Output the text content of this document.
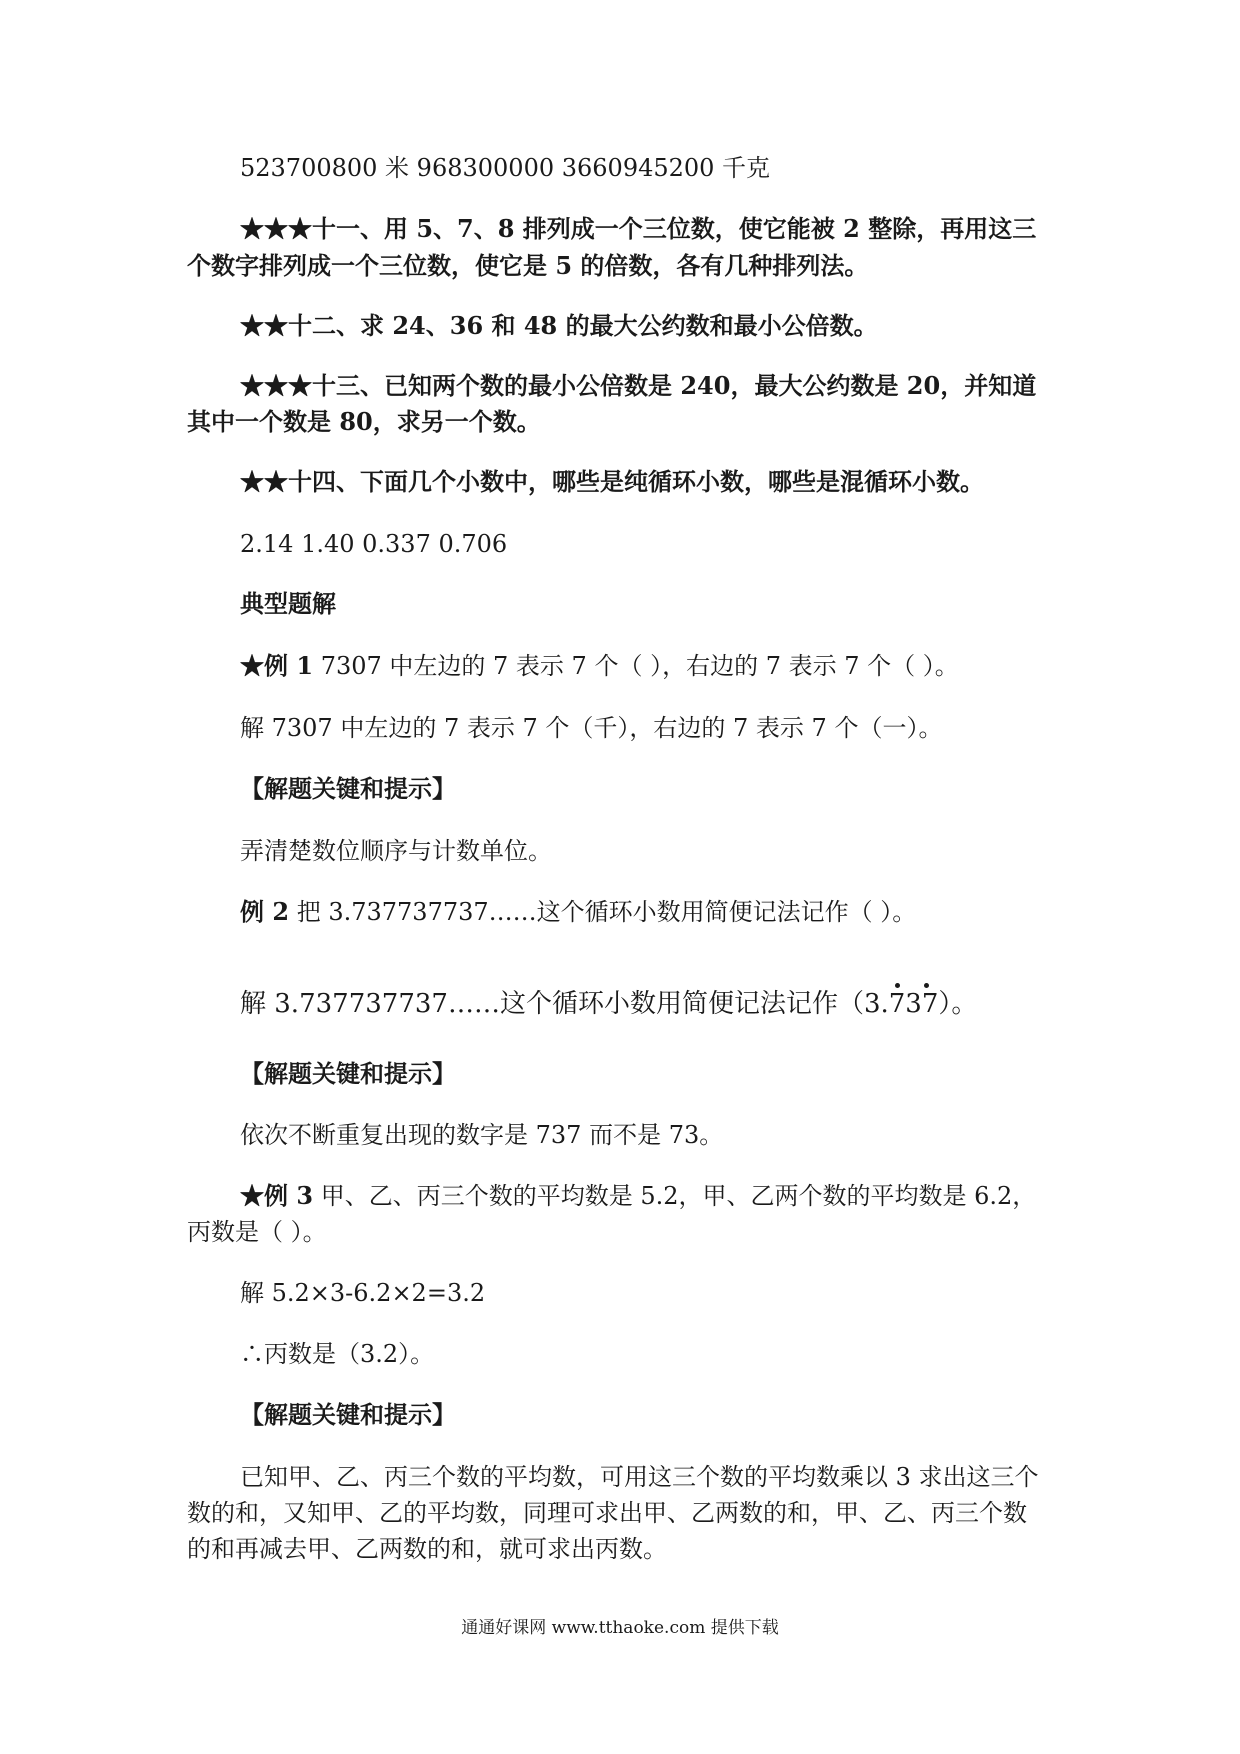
523700800 米 968300000 3660945200 千克
★★★十一、用 5、7、8 排列成一个三位数，使它能被 2 整除，再用这三
个数字排列成一个三位数，使它是 5 的倍数，各有几种排列法。
★★十二、求 24、36 和 48 的最大公约数和最小公倍数。
★★★十三、已知两个数的最小公倍数是 240，最大公约数是 20，并知道
其中一个数是 80，求另一个数。
★★十四、下面几个小数中，哪些是纯循环小数，哪些是混循环小数。
2.14 1.40 0.337 0.706
典型题解
★例 1 7307 中左边的 7 表示 7 个（ ），右边的 7 表示 7 个（ ）。
解 7307 中左边的 7 表示 7 个（千），右边的 7 表示 7 个（一）。
【解题关键和提示】
弄清楚数位顺序与计数单位。
例 2 把 3.737737737……这个循环小数用简便记法记作（ ）。
解 3.737737737……这个循环小数用简便记法记作（3.737
）。
【解题关键和提示】
依次不断重复出现的数字是 737 而不是 73。
★例 3 甲、乙、丙三个数的平均数是 5.2，甲、乙两个数的平均数是 6.2，
丙数是（ ）。
解 5.2×3-6.2×2=3.2
∴丙数是（3.2）。
【解题关键和提示】
已知甲、乙、丙三个数的平均数，可用这三个数的平均数乘以 3 求出这三个
数的和，又知甲、乙的平均数，同理可求出甲、乙两数的和，甲、乙、丙三个数
的和再减去甲、乙两数的和，就可求出丙数。
通通好课网 www.tthaoke.com 提供下载
